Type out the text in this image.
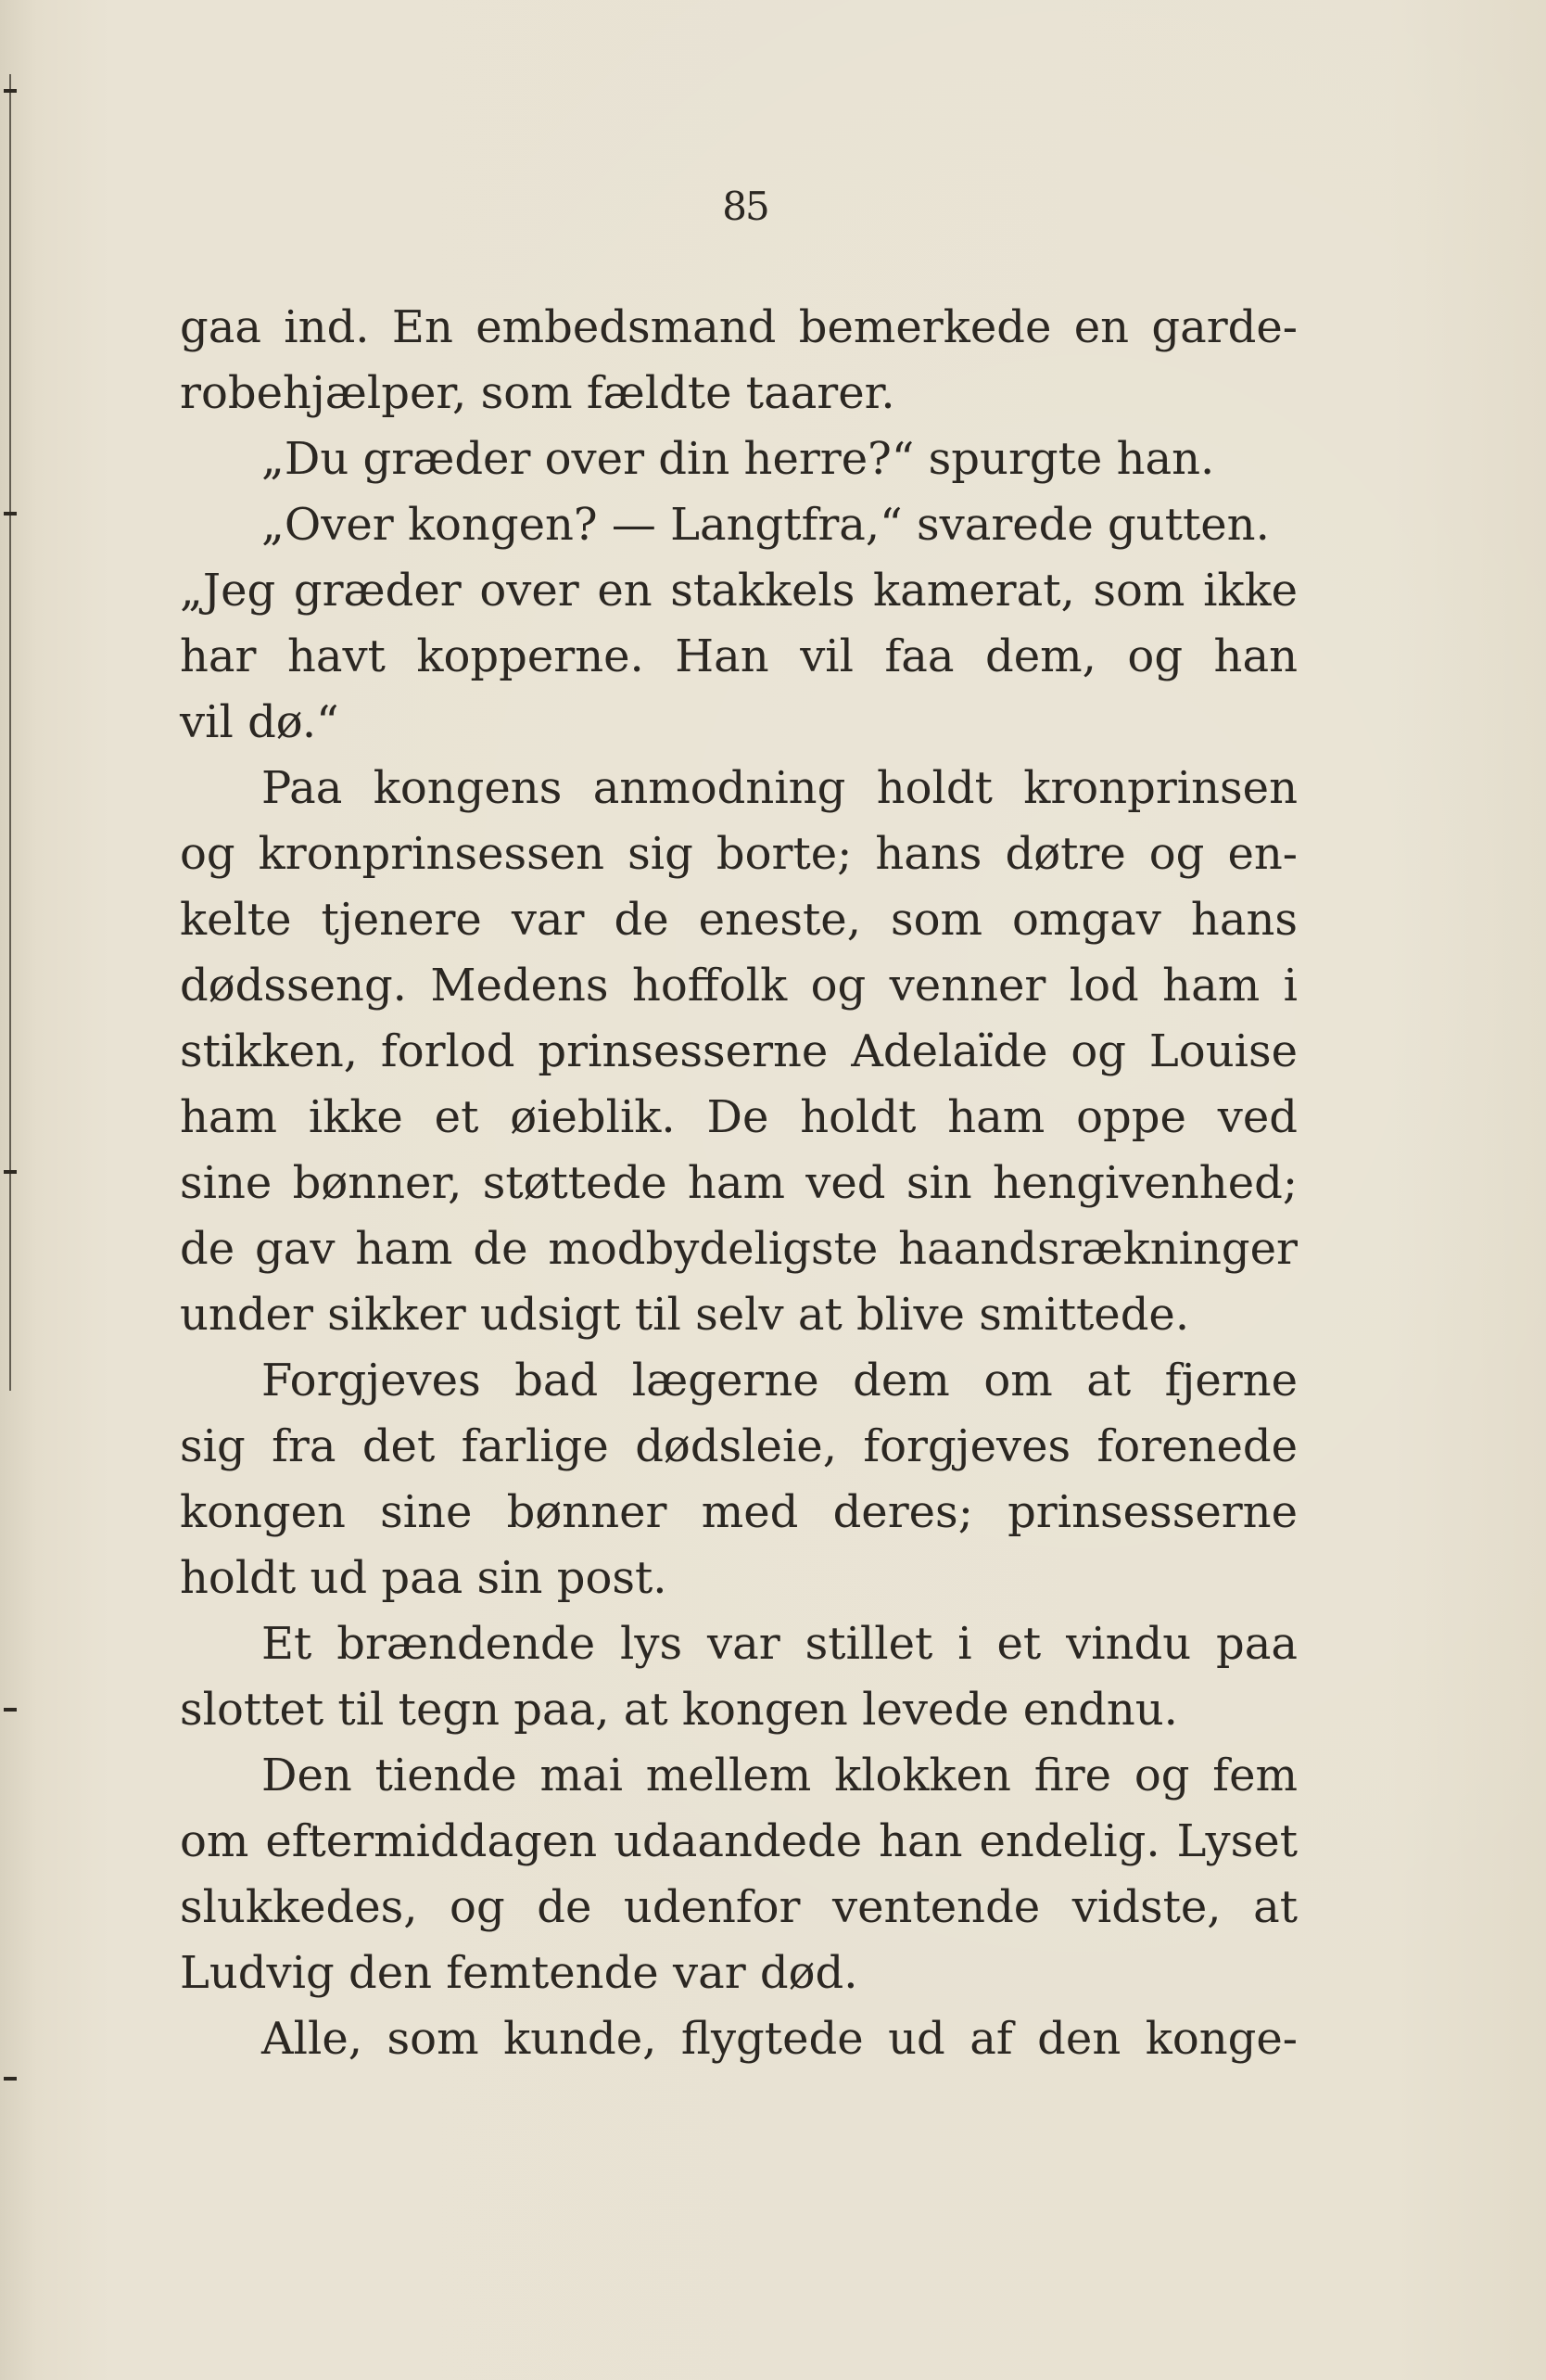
85

gaa ind. En embedsmand bemerkede en garde-
robehjælper, som fældte taarer.
„Du græder over din herre?“ spurgte han.
„Over kongen? — Langtfra,“ svarede gutten.
„Jeg græder over en stakkels kamerat, som ikke
har havt kopperne. Han vil faa dem, og han
vil dø.“
Paa kongens anmodning holdt kronprinsen
og kronprinsessen sig borte; hans døtre og en-
kelte tjenere var de eneste, som omgav hans
dødsseng. Medens hoffolk og venner lod ham i
stikken, forlod prinsesserne Adelaïde og Louise
ham ikke et øieblik. De holdt ham oppe ved
sine bønner, støttede ham ved sin hengivenhed;
de gav ham de modbydeligste haandsrækninger
under sikker udsigt til selv at blive smittede.
Forgjeves bad lægerne dem om at fjerne
sig fra det farlige dødsleie, forgjeves forenede
kongen sine bønner med deres; prinsesserne
holdt ud paa sin post.
Et brændende lys var stillet i et vindu paa
slottet til tegn paa, at kongen levede endnu.
Den tiende mai mellem klokken fire og fem
om eftermiddagen udaandede han endelig. Lyset
slukkedes, og de udenfor ventende vidste, at
Ludvig den femtende var død.
Alle, som kunde, flygtede ud af den konge-
